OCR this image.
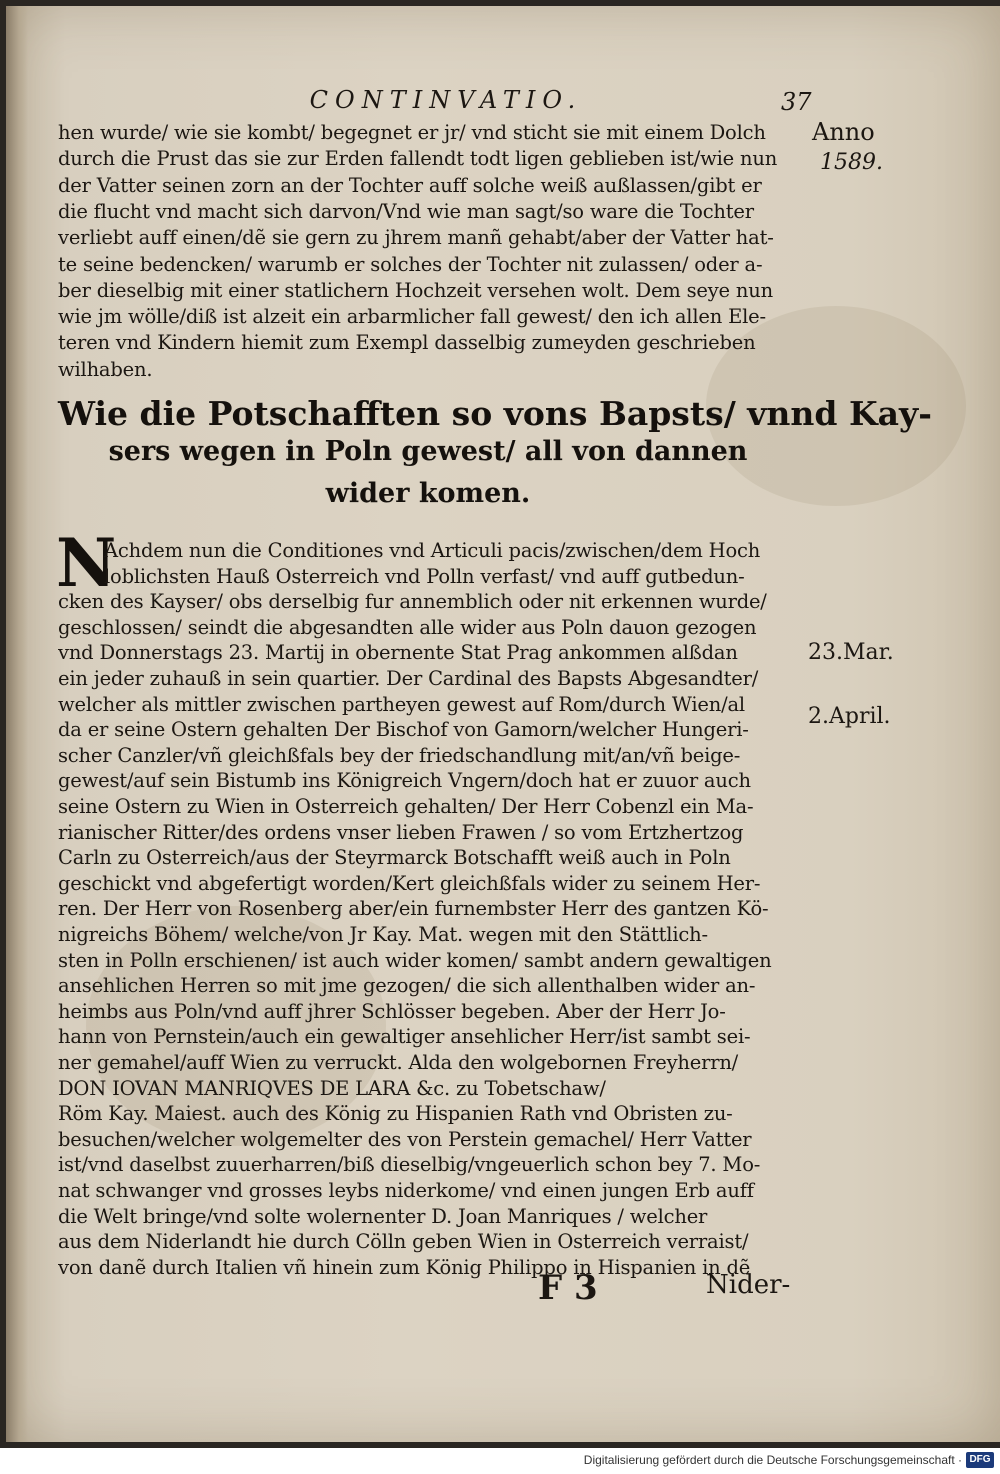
CONTINVATIO.	37
Anno
1589.
23.Mar.
2.April.
hen wurde/ wie sie kombt/ begegnet er jr/ vnd sticht sie mit einem Dolch
durch die Prust das sie zur Erden fallendt todt ligen geblieben ist/wie nun
der Vatter seinen zorn an der Tochter auff solche weiß außlassen/gibt er
die flucht vnd macht sich darvon/Vnd wie man sagt/so ware die Tochter
verliebt auff einen/dẽ sie gern zu jhrem manñ gehabt/aber der Vatter hat-
te seine bedencken/ warumb er solches der Tochter nit zulassen/ oder a-
ber dieselbig mit einer statlichern Hochzeit versehen wolt. Dem seye nun
wie jm wölle/diß ist alzeit ein arbarmlicher fall gewest/ den ich allen Ele-
teren vnd Kindern hiemit zum Exempl dasselbig zumeyden geschrieben
wilhaben.
Wie die Potschafften so vons Bapsts/ vnnd Kay-
sers wegen in Poln gewest/ all von dannen
wider komen.
N
Achdem nun die Conditiones vnd Articuli pacis/zwischen/dem Hoch
loblichsten Hauß Osterreich vnd Polln verfast/ vnd auff gutbedun-
cken des Kayser/ obs derselbig fur annemblich oder nit erkennen wurde/
geschlossen/ seindt die abgesandten alle wider aus Poln dauon gezogen
vnd Donnerstags 23. Martij in obernente Stat Prag ankommen alßdan
ein jeder zuhauß in sein quartier. Der Cardinal des Bapsts Abgesandter/
welcher als mittler zwischen partheyen gewest auf Rom/durch Wien/al
da er seine Ostern gehalten Der Bischof von Gamorn/welcher Hungeri-
scher Canzler/vñ gleichßfals bey der friedschandlung mit/an/vñ beige-
gewest/auf sein Bistumb ins Königreich Vngern/doch hat er zuuor auch
seine Ostern zu Wien in Osterreich gehalten/ Der Herr Cobenzl ein Ma-
rianischer Ritter/des ordens vnser lieben Frawen / so vom Ertzhertzog
Carln zu Osterreich/aus der Steyrmarck Botschafft weiß auch in Poln
geschickt vnd abgefertigt worden/Kert gleichßfals wider zu seinem Her-
ren. Der Herr von Rosenberg aber/ein furnembster Herr des gantzen Kö-
nigreichs Böhem/ welche/von Jr Kay. Mat. wegen mit den Stättlich-
sten in Polln erschienen/ ist auch wider komen/ sambt andern gewaltigen
ansehlichen Herren so mit jme gezogen/ die sich allenthalben wider an-
heimbs aus Poln/vnd auff jhrer Schlösser begeben. Aber der Herr Jo-
hann von Pernstein/auch ein gewaltiger ansehlicher Herr/ist sambt sei-
ner gemahel/auff Wien zu verruckt. Alda den wolgebornen Freyherrn/
DON IOVAN MANRIQVES DE LARA &c. zu Tobetschaw/
Röm Kay. Maiest. auch des König zu Hispanien Rath vnd Obristen zu-
besuchen/welcher wolgemelter des von Perstein gemachel/ Herr Vatter
ist/vnd daselbst zuuerharren/biß dieselbig/vngeuerlich schon bey 7. Mo-
nat schwanger vnd grosses leybs niderkome/ vnd einen jungen Erb auff
die Welt bringe/vnd solte wolernenter D. Joan Manriques / welcher
aus dem Niderlandt hie durch Cölln geben Wien in Osterreich verraist/
von danẽ durch Italien vñ hinein zum König Philippo in Hispanien in dẽ
F 3	Nider-
Digitalisierung gefördert durch die Deutsche Forschungsgemeinschaft · DFG
